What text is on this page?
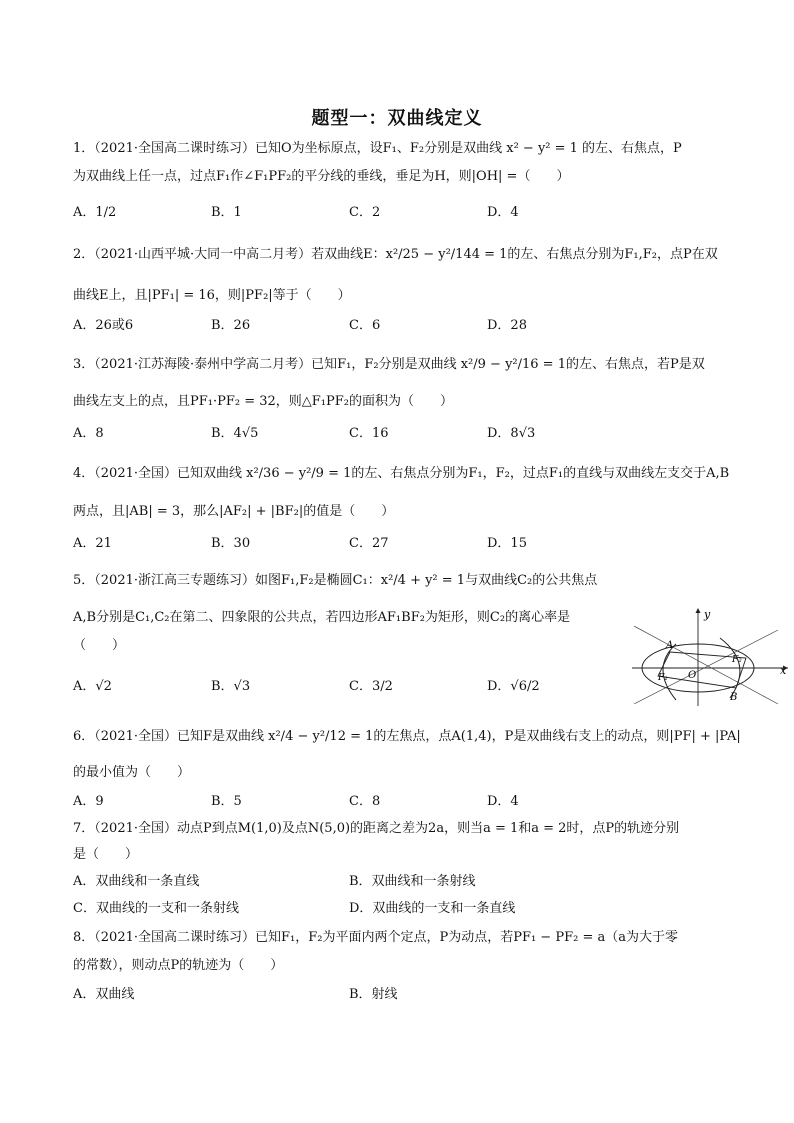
题型一：双曲线定义
1．（2021·全国高二课时练习）已知O为坐标原点，设F₁、F₂分别是双曲线 x² − y² = 1 的左、右焦点，P
为双曲线上任一点，过点F₁作∠F₁PF₂的平分线的垂线，垂足为H，则|OH| =（　　）
A．1/2	B．1	C．2	D．4
2．（2021·山西平城·大同一中高二月考）若双曲线E：x²/25 − y²/144 = 1的左、右焦点分别为F₁,F₂，点P在双
曲线E上，且|PF₁| = 16，则|PF₂|等于（　　）
A．26或6	B．26	C．6	D．28
3．（2021·江苏海陵·泰州中学高二月考）已知F₁，F₂分别是双曲线 x²/9 − y²/16 = 1的左、右焦点，若P是双
曲线左支上的点，且PF₁·PF₂ = 32，则△F₁PF₂的面积为（　　）
A．8	B．4√5	C．16	D．8√3
4．（2021·全国）已知双曲线 x²/36 − y²/9 = 1的左、右焦点分别为F₁，F₂，过点F₁的直线与双曲线左支交于A,B
两点，且|AB| = 3，那么|AF₂| + |BF₂|的值是（　　）
A．21	B．30	C．27	D．15
5．（2021·浙江高三专题练习）如图F₁,F₂是椭圆C₁：x²/4 + y² = 1与双曲线C₂的公共焦点
A,B分别是C₁,C₂在第二、四象限的公共点，若四边形AF₁BF₂为矩形，则C₂的离心率是
（　　）
A．√2	B．√3	C．3/2	D．√6/2
y
x
A
B
O
F₁
F₂
6．（2021·全国）已知F是双曲线 x²/4 − y²/12 = 1的左焦点，点A(1,4)，P是双曲线右支上的动点，则|PF| + |PA|
的最小值为（　　）
A．9	B．5	C．8	D．4
7．（2021·全国）动点P到点M(1,0)及点N(5,0)的距离之差为2a，则当a = 1和a = 2时，点P的轨迹分别
是（　　）
A．双曲线和一条直线	B．双曲线和一条射线
C．双曲线的一支和一条射线	D．双曲线的一支和一条直线
8．（2021·全国高二课时练习）已知F₁，F₂为平面内两个定点，P为动点，若PF₁ − PF₂ = a（a为大于零
的常数），则动点P的轨迹为（　　）
A．双曲线	B．射线
